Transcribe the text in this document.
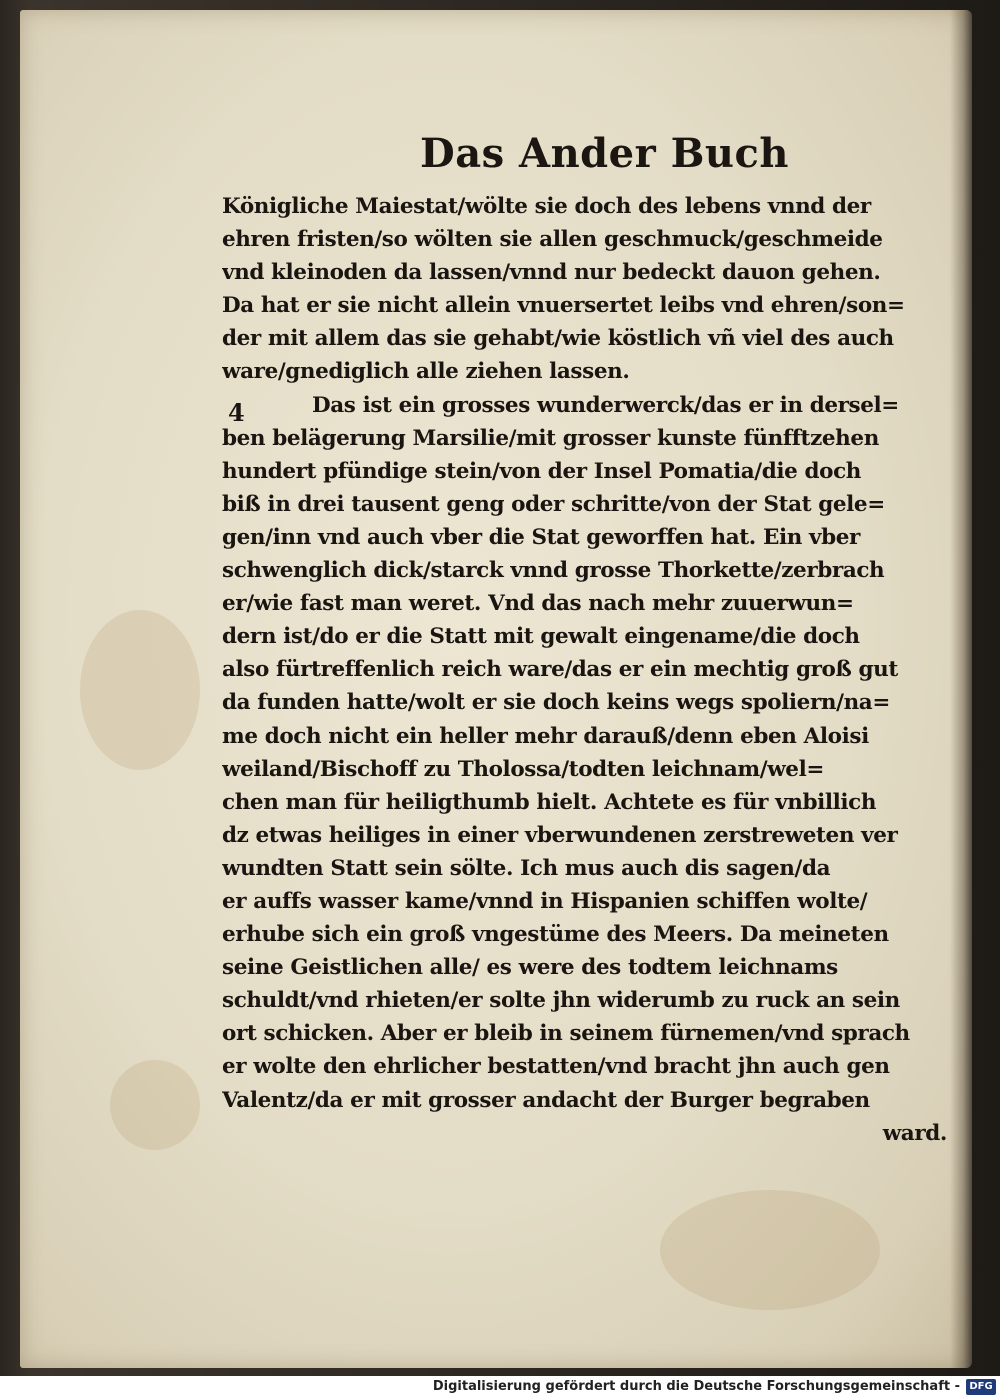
Das Ander Buch
4
Königliche Maiestat/wölte sie doch des lebens vnnd der
ehren fristen/so wölten sie allen geschmuck/geschmeide
vnd kleinoden da lassen/vnnd nur bedeckt dauon gehen.
Da hat er sie nicht allein vnuersertet leibs vnd ehren/son=
der mit allem das sie gehabt/wie köstlich vñ viel des auch
ware/gnediglich alle ziehen lassen.
Das ist ein grosses wunderwerck/das er in dersel=
ben belägerung Marsilie/mit grosser kunste fünfftzehen
hundert pfündige stein/von der Insel Pomatia/die doch
biß in drei tausent geng oder schritte/von der Stat gele=
gen/inn vnd auch vber die Stat geworffen hat. Ein vber
schwenglich dick/starck vnnd grosse Thorkette/zerbrach
er/wie fast man weret. Vnd das nach mehr zuuerwun=
dern ist/do er die Statt mit gewalt eingename/die doch
also fürtreffenlich reich ware/das er ein mechtig groß gut
da funden hatte/wolt er sie doch keins wegs spoliern/na=
me doch nicht ein heller mehr darauß/denn eben Aloisi
weiland/Bischoff zu Tholossa/todten leichnam/wel=
chen man für heiligthumb hielt. Achtete es für vnbillich
dz etwas heiliges in einer vberwundenen zerstreweten ver
wundten Statt sein sölte. Ich mus auch dis sagen/da
er auffs wasser kame/vnnd in Hispanien schiffen wolte/
erhube sich ein groß vngestüme des Meers. Da meineten
seine Geistlichen alle/ es were des todtem leichnams
schuldt/vnd rhieten/er solte jhn widerumb zu ruck an sein
ort schicken. Aber er bleib in seinem fürnemen/vnd sprach
er wolte den ehrlicher bestatten/vnd bracht jhn auch gen
Valentz/da er mit grosser andacht der Burger begraben
ward.
Digitalisierung gefördert durch die Deutsche Forschungsgemeinschaft - DFG
